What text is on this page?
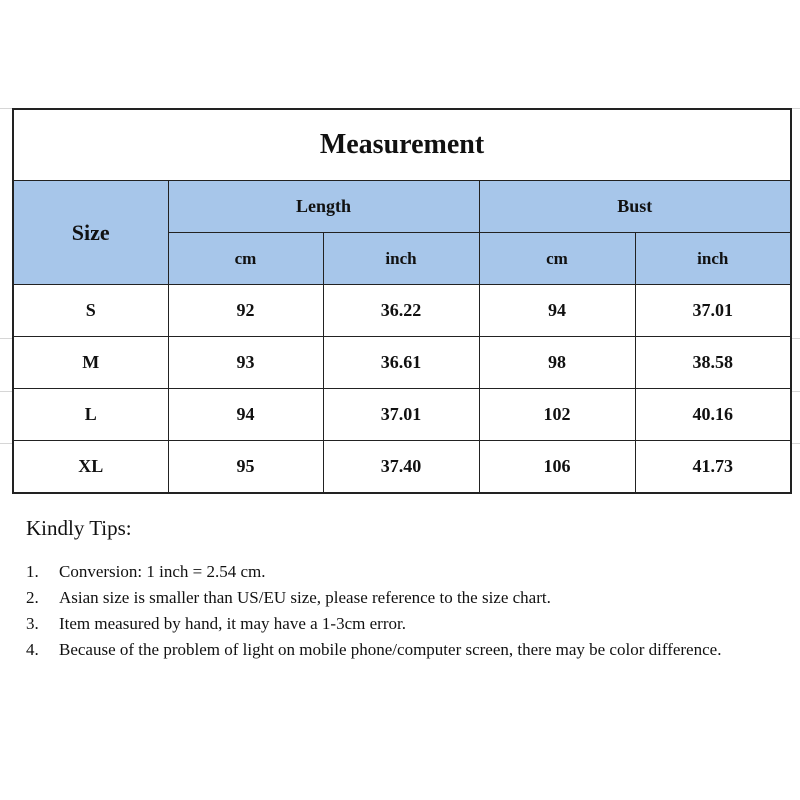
Measurement				
Size	Length		Bust	
	cm	inch	cm	inch
S	92	36.22	94	37.01
M	93	36.61	98	38.58
L	94	37.01	102	40.16
XL	95	37.40	106	41.73
Kindly Tips:
1.	Conversion: 1 inch = 2.54 cm.
2.	Asian size is smaller than US/EU size, please reference to the size chart.
3.	Item measured by hand, it may have a 1-3cm error.
4.	Because of the problem of light on mobile phone/computer screen, there may be color difference.
